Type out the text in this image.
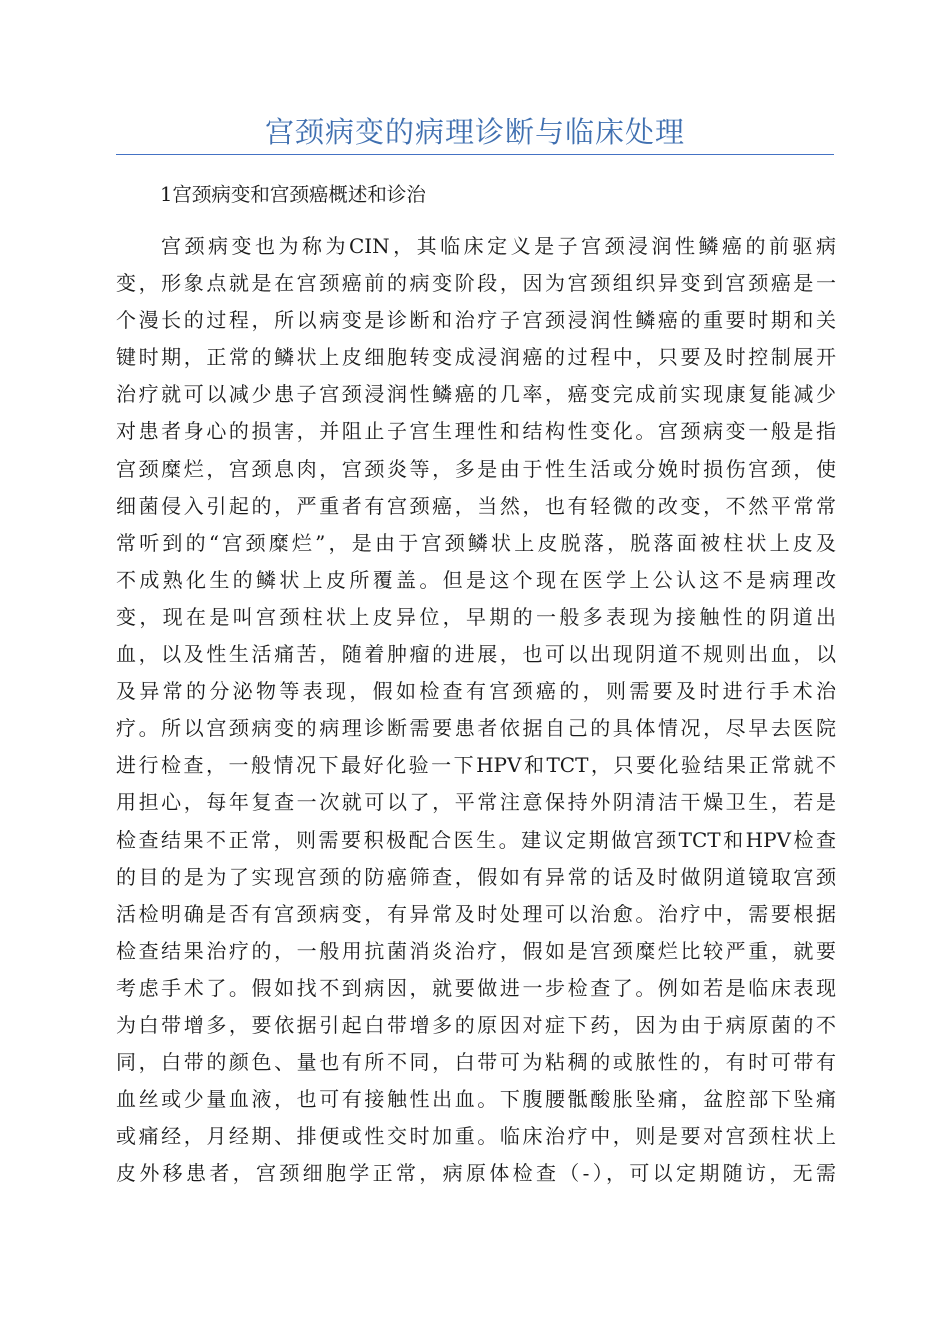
宫颈病变的病理诊断与临床处理
1宫颈病变和宫颈癌概述和诊治
宫颈病变也为称为CIN，其临床定义是子宫颈浸润性鳞癌的前驱病
变，形象点就是在宫颈癌前的病变阶段，因为宫颈组织异变到宫颈癌是一
个漫长的过程，所以病变是诊断和治疗子宫颈浸润性鳞癌的重要时期和关
键时期，正常的鳞状上皮细胞转变成浸润癌的过程中，只要及时控制展开
治疗就可以减少患子宫颈浸润性鳞癌的几率，癌变完成前实现康复能减少
对患者身心的损害，并阻止子宫生理性和结构性变化。宫颈病变一般是指
宫颈糜烂，宫颈息肉，宫颈炎等，多是由于性生活或分娩时损伤宫颈，使
细菌侵入引起的，严重者有宫颈癌，当然，也有轻微的改变，不然平常常
常听到的“宫颈糜烂”，是由于宫颈鳞状上皮脱落，脱落面被柱状上皮及
不成熟化生的鳞状上皮所覆盖。但是这个现在医学上公认这不是病理改
变，现在是叫宫颈柱状上皮异位，早期的一般多表现为接触性的阴道出
血，以及性生活痛苦，随着肿瘤的进展，也可以出现阴道不规则出血，以
及异常的分泌物等表现，假如检查有宫颈癌的，则需要及时进行手术治
疗。所以宫颈病变的病理诊断需要患者依据自己的具体情况，尽早去医院
进行检查，一般情况下最好化验一下HPV和TCT，只要化验结果正常就不
用担心，每年复查一次就可以了，平常注意保持外阴清洁干燥卫生，若是
检查结果不正常，则需要积极配合医生。建议定期做宫颈TCT和HPV检查
的目的是为了实现宫颈的防癌筛查，假如有异常的话及时做阴道镜取宫颈
活检明确是否有宫颈病变，有异常及时处理可以治愈。治疗中，需要根据
检查结果治疗的，一般用抗菌消炎治疗，假如是宫颈糜烂比较严重，就要
考虑手术了。假如找不到病因，就要做进一步检查了。例如若是临床表现
为白带增多，要依据引起白带增多的原因对症下药，因为由于病原菌的不
同，白带的颜色、量也有所不同，白带可为粘稠的或脓性的，有时可带有
血丝或少量血液，也可有接触性出血。下腹腰骶酸胀坠痛，盆腔部下坠痛
或痛经，月经期、排便或性交时加重。临床治疗中，则是要对宫颈柱状上
皮外移患者，宫颈细胞学正常，病原体检查（-），可以定期随访，无需
